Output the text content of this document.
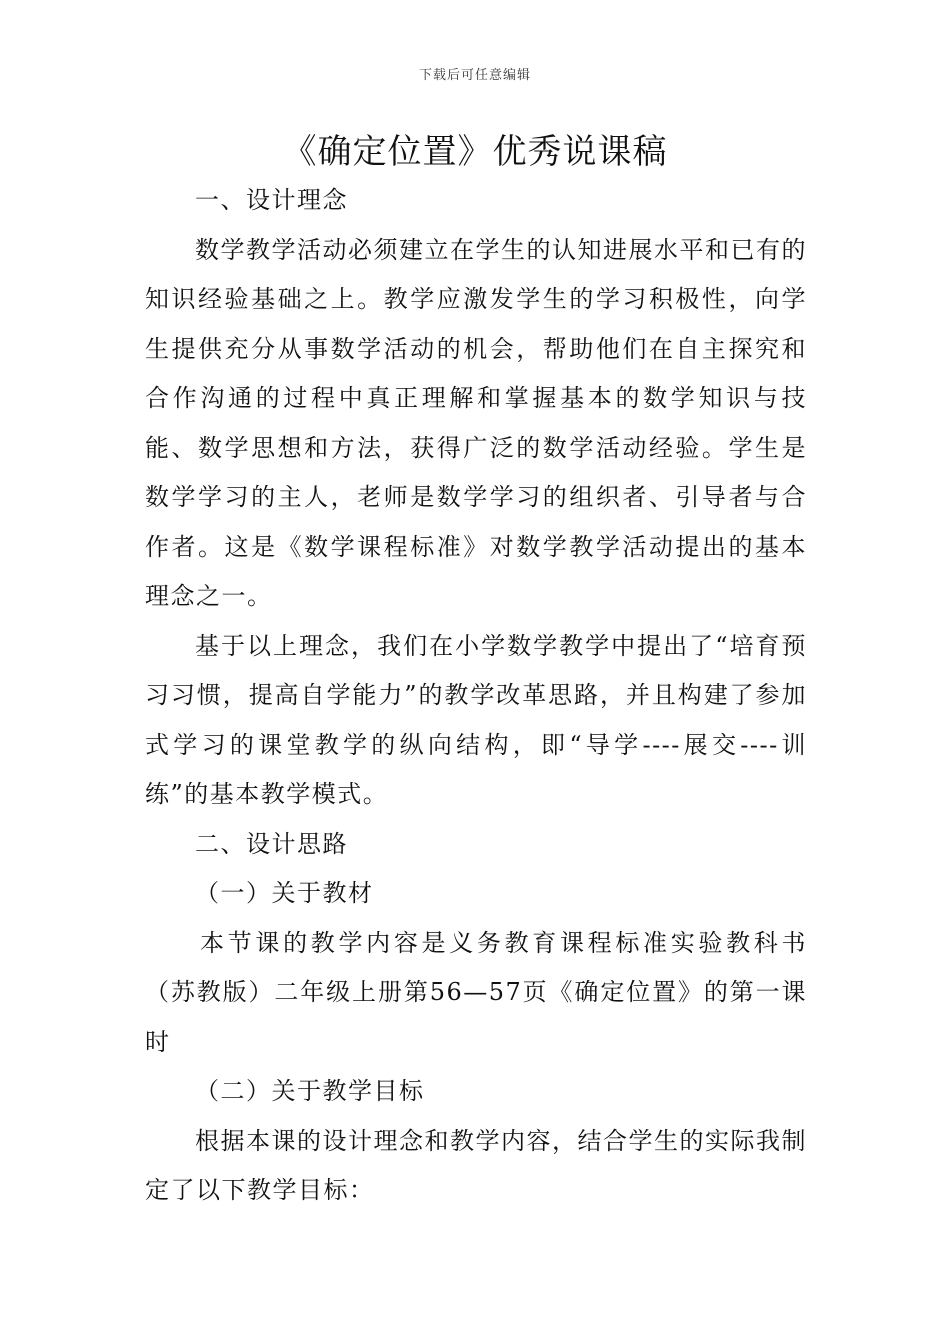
下载后可任意编辑
《确定位置》优秀说课稿

一、设计理念

数学教学活动必须建立在学生的认知进展水平和已有的知识经验基础之上。教学应激发学生的学习积极性，向学生提供充分从事数学活动的机会，帮助他们在自主探究和合作沟通的过程中真正理解和掌握基本的数学知识与技能、数学思想和方法，获得广泛的数学活动经验。学生是数学学习的主人，老师是数学学习的组织者、引导者与合作者。这是《数学课程标准》对数学教学活动提出的基本理念之一。

基于以上理念，我们在小学数学教学中提出了“培育预习习惯，提高自学能力”的教学改革思路，并且构建了参加式学习的课堂教学的纵向结构，即“导学----展交----训练”的基本教学模式。

二、设计思路

（一）关于教材

本节课的教学内容是义务教育课程标准实验教科书（苏教版）二年级上册第56—57页《确定位置》的第一课时

（二）关于教学目标

根据本课的设计理念和教学内容，结合学生的实际我制定了以下教学目标：
